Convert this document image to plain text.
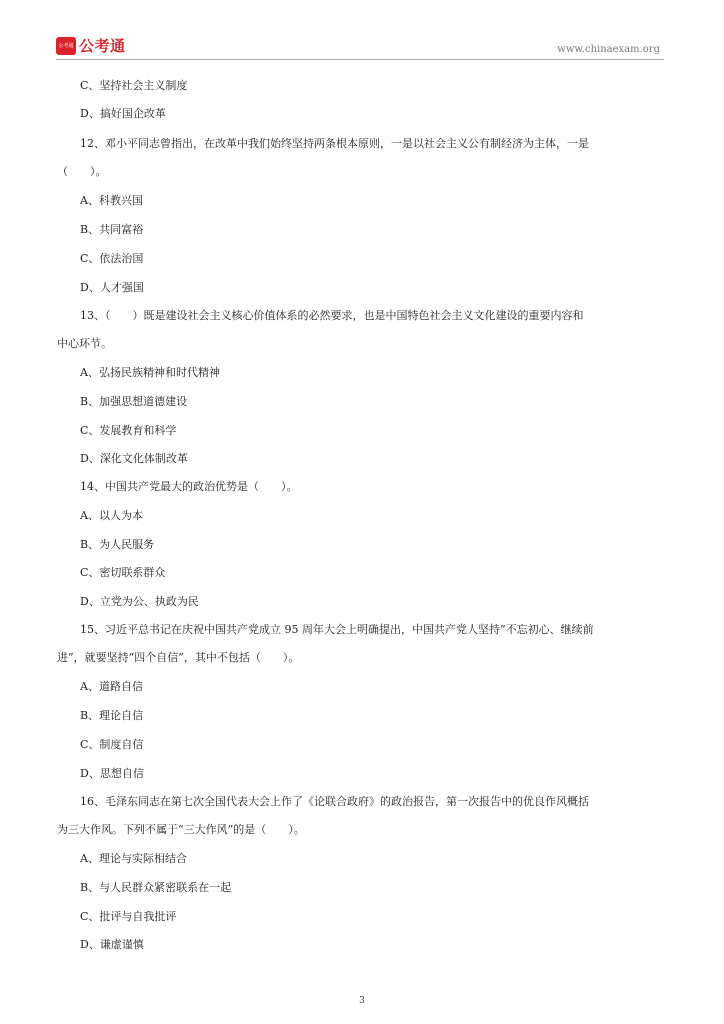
公考通 公考通	www.chinaexam.org
C、坚持社会主义制度
D、搞好国企改革
12、邓小平同志曾指出，在改革中我们始终坚持两条根本原则，一是以社会主义公有制经济为主体，一是
（　　）。
A、科教兴国
B、共同富裕
C、依法治国
D、人才强国
13、（　　）既是建设社会主义核心价值体系的必然要求，也是中国特色社会主义文化建设的重要内容和
中心环节。
A、弘扬民族精神和时代精神
B、加强思想道德建设
C、发展教育和科学
D、深化文化体制改革
14、中国共产党最大的政治优势是（　　）。
A、以人为本
B、为人民服务
C、密切联系群众
D、立党为公、执政为民
15、习近平总书记在庆祝中国共产党成立 95 周年大会上明确提出，中国共产党人坚持“不忘初心、继续前
进”，就要坚持“四个自信”，其中不包括（　　）。
A、道路自信
B、理论自信
C、制度自信
D、思想自信
16、毛泽东同志在第七次全国代表大会上作了《论联合政府》的政治报告，第一次报告中的优良作风概括
为三大作风。下列不属于“三大作风”的是（　　）。
A、理论与实际相结合
B、与人民群众紧密联系在一起
C、批评与自我批评
D、谦虚谨慎
3
